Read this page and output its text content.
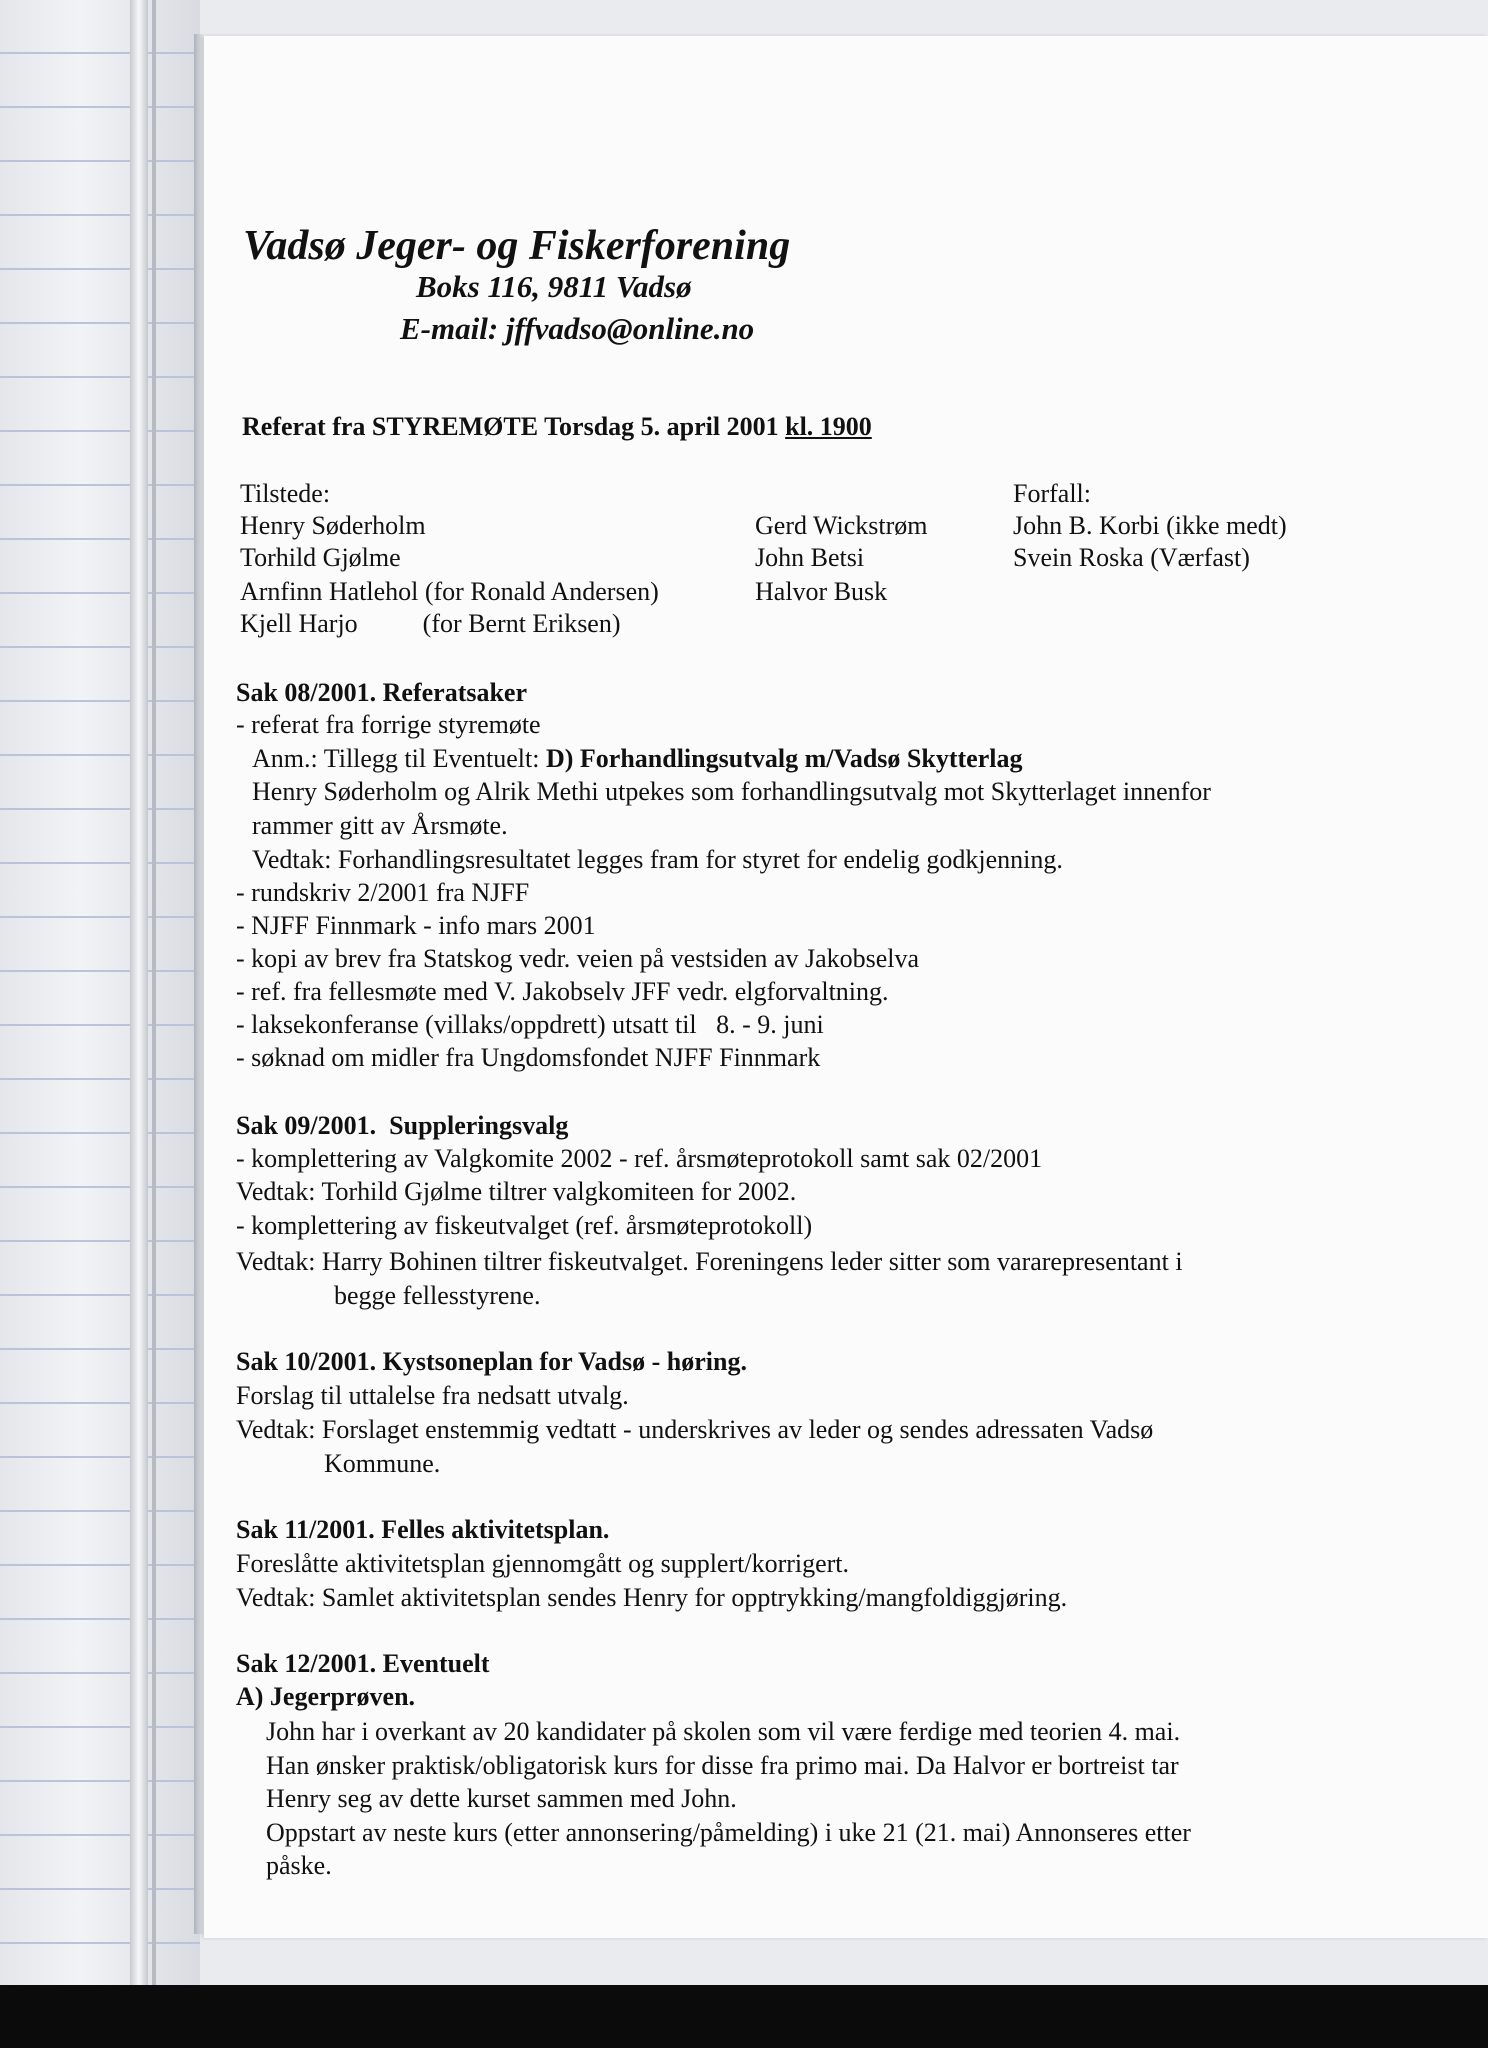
Vadsø Jeger- og Fiskerforening
Boks 116, 9811 Vadsø
E-mail: jffvadso@online.no
Referat fra STYREMØTE Torsdag 5. april 2001 kl. 1900
Tilstede:
Henry Søderholm
Torhild Gjølme
Arnfinn Hatlehol (for Ronald Andersen)
Kjell Harjo          (for Bernt Eriksen)
Gerd Wickstrøm
John Betsi
Halvor Busk
Forfall:
John B. Korbi (ikke medt)
Svein Roska (Værfast)
Sak 08/2001. Referatsaker
- referat fra forrige styremøte
Anm.: Tillegg til Eventuelt: D) Forhandlingsutvalg m/Vadsø Skytterlag
Henry Søderholm og Alrik Methi utpekes som forhandlingsutvalg mot Skytterlaget innenfor
rammer gitt av Årsmøte.
Vedtak: Forhandlingsresultatet legges fram for styret for endelig godkjenning.
- rundskriv 2/2001 fra NJFF
- NJFF Finnmark - info mars 2001
- kopi av brev fra Statskog vedr. veien på vestsiden av Jakobselva
- ref. fra fellesmøte med V. Jakobselv JFF vedr. elgforvaltning.
- laksekonferanse (villaks/oppdrett) utsatt til   8. - 9. juni
- søknad om midler fra Ungdomsfondet NJFF Finnmark
Sak 09/2001.  Suppleringsvalg
- komplettering av Valgkomite 2002 - ref. årsmøteprotokoll samt sak 02/2001
Vedtak: Torhild Gjølme tiltrer valgkomiteen for 2002.
- komplettering av fiskeutvalget (ref. årsmøteprotokoll)
Vedtak: Harry Bohinen tiltrer fiskeutvalget. Foreningens leder sitter som vararepresentant i
begge fellesstyrene.
Sak 10/2001. Kystsoneplan for Vadsø - høring.
Forslag til uttalelse fra nedsatt utvalg.
Vedtak: Forslaget enstemmig vedtatt - underskrives av leder og sendes adressaten Vadsø
Kommune.
Sak 11/2001. Felles aktivitetsplan.
Foreslåtte aktivitetsplan gjennomgått og supplert/korrigert.
Vedtak: Samlet aktivitetsplan sendes Henry for opptrykking/mangfoldiggjøring.
Sak 12/2001. Eventuelt
A) Jegerprøven.
John har i overkant av 20 kandidater på skolen som vil være ferdige med teorien 4. mai.
Han ønsker praktisk/obligatorisk kurs for disse fra primo mai. Da Halvor er bortreist tar
Henry seg av dette kurset sammen med John.
Oppstart av neste kurs (etter annonsering/påmelding) i uke 21 (21. mai) Annonseres etter
påske.
